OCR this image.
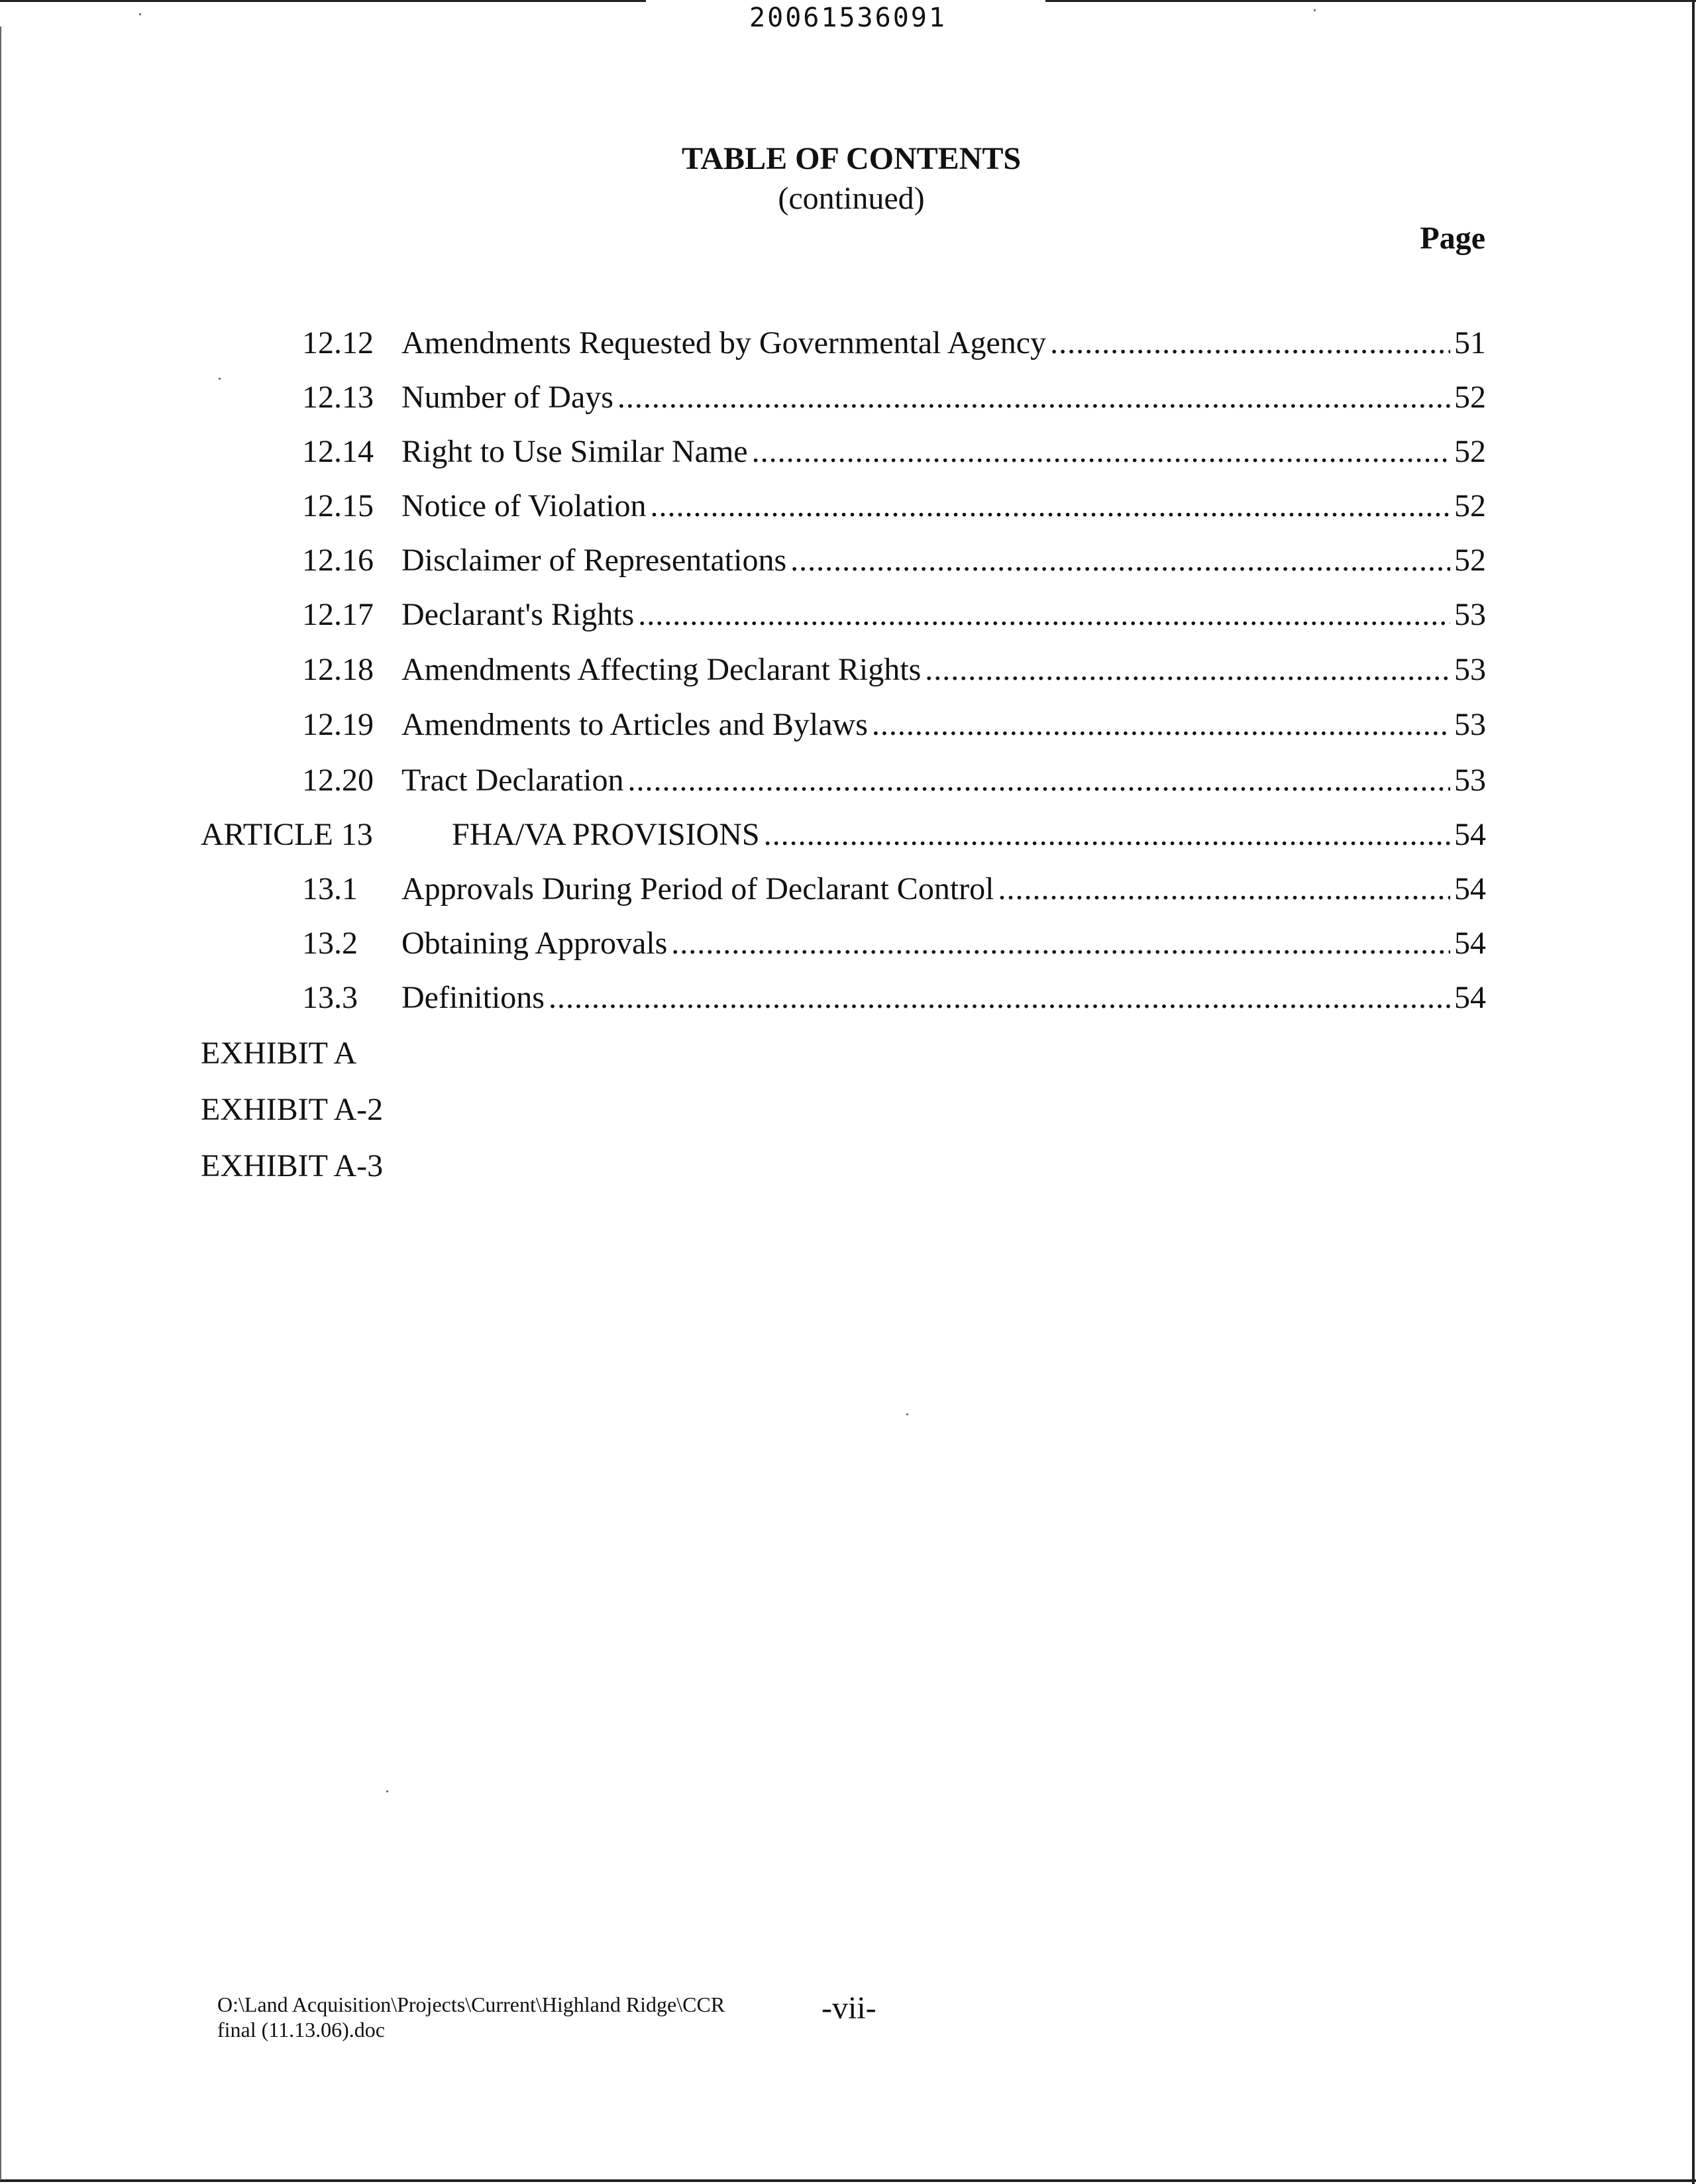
20061536091
TABLE OF CONTENTS
(continued)
Page
12.12 Amendments Requested by Governmental Agency .....	51
12.13 Number of Days .....	52
12.14 Right to Use Similar Name .....	52
12.15 Notice of Violation .....	52
12.16 Disclaimer of Representations .....	52
12.17 Declarant's Rights .....	53
12.18 Amendments Affecting Declarant Rights .....	53
12.19 Amendments to Articles and Bylaws .....	53
12.20 Tract Declaration .....	53
ARTICLE 13 FHA/VA PROVISIONS .....	54
13.1 Approvals During Period of Declarant Control .....	54
13.2 Obtaining Approvals .....	54
13.3 Definitions .....	54
EXHIBIT A
EXHIBIT A-2
EXHIBIT A-3
O:\Land Acquisition\Projects\Current\Highland Ridge\CCR
final (11.13.06).doc
-vii-
